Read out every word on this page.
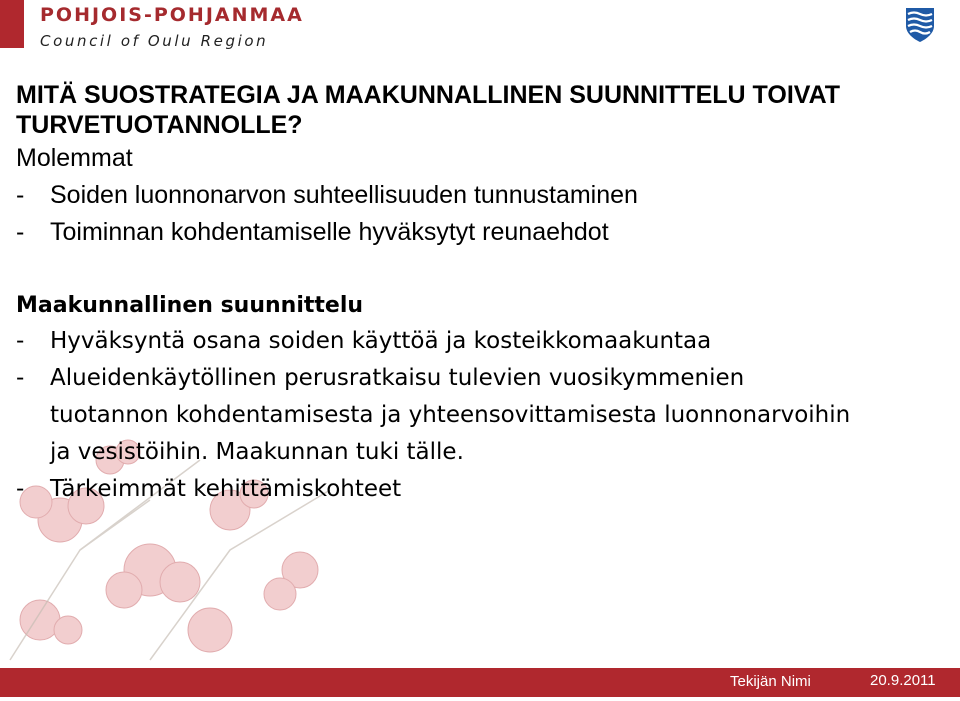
POHJOIS-POHJANMAA
Council of Oulu Region
MITÄ SUOSTRATEGIA JA MAAKUNNALLINEN SUUNNITTELU TOIVAT
TURVETUOTANNOLLE?
Molemmat
- Soiden luonnonarvon suhteellisuuden tunnustaminen
- Toiminnan kohdentamiselle hyväksytyt reunaehdot
Maakunnallinen suunnittelu
- Hyväksyntä osana soiden käyttöä ja kosteikkomaakuntaa
- Alueidenkäytöllinen perusratkaisu tulevien vuosikymmenien
tuotannon kohdentamisesta ja yhteensovittamisesta luonnonarvoihin
ja vesistöihin. Maakunnan tuki tälle.
- Tärkeimmät kehittämiskohteet
Tekijän Nimi	20.9.2011
